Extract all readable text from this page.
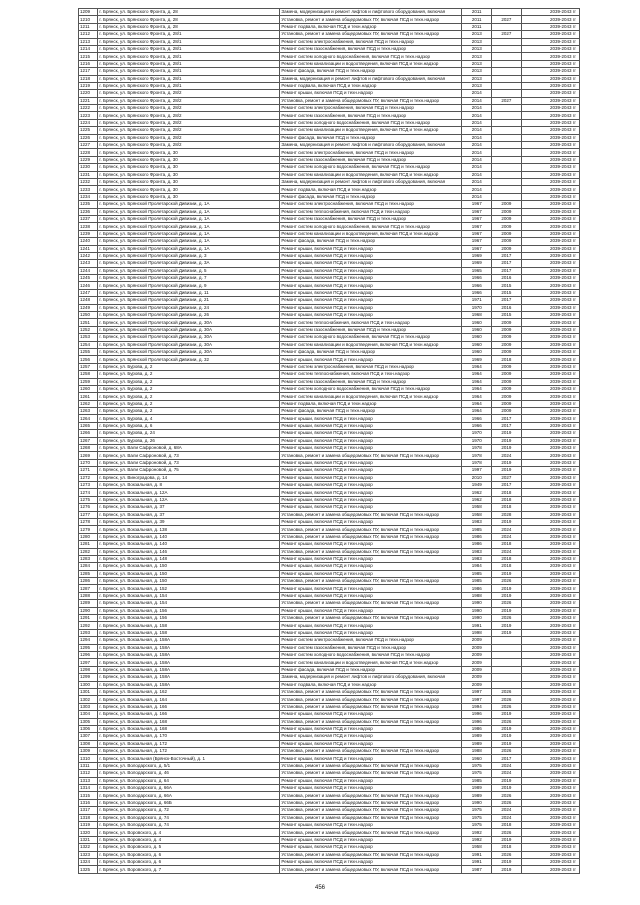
1209	г. Брянск, ул. Брянского Фронта, д. 28	Замена, модернизация и ремонт лифтов и лифтового оборудования, включая	2011		2039-2043 гг
1210	г. Брянск, ул. Брянского Фронта, д. 28	Установка, ремонт и замена общедомовых ПУ, включая ПСД и техн.надзор	2011	2027	2039-2043 гг
1211	г. Брянск, ул. Брянского Фронта, д. 28	Ремонт подвала, включая ПСД и техн.надзор	2011		2039-2043 гг
1212	г. Брянск, ул. Брянского Фронта, д. 28/1	Установка, ремонт и замена общедомовых ПУ, включая ПСД и техн.надзор	2013	2027	2039-2043 гг
1213	г. Брянск, ул. Брянского Фронта, д. 28/1	Ремонт систем электроснабжения, включая ПСД и техн.надзор	2013		2039-2043 гг
1214	г. Брянск, ул. Брянского Фронта, д. 28/1	Ремонт систем газоснабжения, включая ПСД и техн.надзор	2013		2039-2043 гг
1215	г. Брянск, ул. Брянского Фронта, д. 28/1	Ремонт систем холодного водоснабжения, включая ПСД и техн.надзор	2013		2039-2043 гг
1216	г. Брянск, ул. Брянского Фронта, д. 28/1	Ремонт систем канализации и водоотведения, включая ПСД и техн.надзор	2013		2039-2043 гг
1217	г. Брянск, ул. Брянского Фронта, д. 28/1	Ремонт фасада, включая ПСД и техн.надзор	2013		2039-2043 гг
1218	г. Брянск, ул. Брянского Фронта, д. 28/1	Замена, модернизация и ремонт лифтов и лифтового оборудования, включая	2013		2039-2043 гг
1219	г. Брянск, ул. Брянского Фронта, д. 28/1	Ремонт подвала, включая ПСД и техн.надзор	2013		2039-2043 гг
1220	г. Брянск, ул. Брянского Фронта, д. 28/2	Ремонт крыши, включая ПСД и техн.надзор	2014		2039-2043 гг
1221	г. Брянск, ул. Брянского Фронта, д. 28/2	Установка, ремонт и замена общедомовых ПУ, включая ПСД и техн.надзор	2014	2027	2039-2043 гг
1222	г. Брянск, ул. Брянского Фронта, д. 28/2	Ремонт систем электроснабжения, включая ПСД и техн.надзор	2014		2039-2043 гг
1223	г. Брянск, ул. Брянского Фронта, д. 28/2	Ремонт систем газоснабжения, включая ПСД и техн.надзор	2014		2039-2043 гг
1224	г. Брянск, ул. Брянского Фронта, д. 28/2	Ремонт систем холодного водоснабжения, включая ПСД и техн.надзор	2014		2039-2043 гг
1225	г. Брянск, ул. Брянского Фронта, д. 28/2	Ремонт систем канализации и водоотведения, включая ПСД и техн.надзор	2014		2039-2043 гг
1226	г. Брянск, ул. Брянского Фронта, д. 28/2	Ремонт фасада, включая ПСД и техн.надзор	2014		2039-2043 гг
1227	г. Брянск, ул. Брянского Фронта, д. 28/2	Замена, модернизация и ремонт лифтов и лифтового оборудования, включая	2014		2039-2043 гг
1228	г. Брянск, ул. Брянского Фронта, д. 30	Ремонт систем электроснабжения, включая ПСД и техн.надзор	2014		2039-2043 гг
1229	г. Брянск, ул. Брянского Фронта, д. 30	Ремонт систем газоснабжения, включая ПСД и техн.надзор	2014		2039-2043 гг
1230	г. Брянск, ул. Брянского Фронта, д. 30	Ремонт систем холодного водоснабжения, включая ПСД и техн.надзор	2014		2039-2043 гг
1231	г. Брянск, ул. Брянского Фронта, д. 30	Ремонт систем канализации и водоотведения, включая ПСД и техн.надзор	2014		2039-2043 гг
1232	г. Брянск, ул. Брянского Фронта, д. 30	Замена, модернизация и ремонт лифтов и лифтового оборудования, включая	2014		2039-2043 гг
1233	г. Брянск, ул. Брянского Фронта, д. 30	Ремонт подвала, включая ПСД и техн.надзор	2014		2039-2043 гг
1234	г. Брянск, ул. Брянского Фронта, д. 30	Ремонт фасада, включая ПСД и техн.надзор	2014		2039-2043 гг
1235	г. Брянск, ул. Брянской Пролетарской Дивизии, д. 1А	Ремонт систем электроснабжения, включая ПСД и техн.надзор	1967	2009	2039-2043 гг
1236	г. Брянск, ул. Брянской Пролетарской Дивизии, д. 1А	Ремонт систем теплоснабжения, включая ПСД и техн.надзор	1967	2009	2039-2043 гг
1237	г. Брянск, ул. Брянской Пролетарской Дивизии, д. 1А	Ремонт систем газоснабжения, включая ПСД и техн.надзор	1967	2009	2039-2043 гг
1238	г. Брянск, ул. Брянской Пролетарской Дивизии, д. 1А	Ремонт систем холодного водоснабжения, включая ПСД и техн.надзор	1967	2009	2039-2043 гг
1239	г. Брянск, ул. Брянской Пролетарской Дивизии, д. 1А	Ремонт систем канализации и водоотведения, включая ПСД и техн.надзор	1967	2009	2039-2043 гг
1240	г. Брянск, ул. Брянской Пролетарской Дивизии, д. 1А	Ремонт фасада, включая ПСД и техн.надзор	1967	2009	2039-2043 гг
1241	г. Брянск, ул. Брянской Пролетарской Дивизии, д. 1А	Ремонт крыши, включая ПСД и техн.надзор	1967	2009	2039-2043 гг
1242	г. Брянск, ул. Брянской Пролетарской Дивизии, д. 3	Ремонт крыши, включая ПСД и техн.надзор	1969	2017	2039-2043 гг
1243	г. Брянск, ул. Брянской Пролетарской Дивизии, д. 3А	Ремонт крыши, включая ПСД и техн.надзор	1969	2017	2039-2043 гг
1244	г. Брянск, ул. Брянской Пролетарской Дивизии, д. 5	Ремонт крыши, включая ПСД и техн.надзор	1965	2017	2039-2043 гг
1245	г. Брянск, ул. Брянской Пролетарской Дивизии, д. 7	Ремонт крыши, включая ПСД и техн.надзор	1966	2016	2039-2043 гг
1246	г. Брянск, ул. Брянской Пролетарской Дивизии, д. 9	Ремонт крыши, включая ПСД и техн.надзор	1966	2015	2039-2043 гг
1247	г. Брянск, ул. Брянской Пролетарской Дивизии, д. 11	Ремонт крыши, включая ПСД и техн.надзор	1966	2015	2039-2043 гг
1248	г. Брянск, ул. Брянской Пролетарской Дивизии, д. 21	Ремонт крыши, включая ПСД и техн.надзор	1971	2017	2039-2043 гг
1249	г. Брянск, ул. Брянской Пролетарской Дивизии, д. 24	Ремонт крыши, включая ПСД и техн.надзор	1970	2016	2039-2043 гг
1250	г. Брянск, ул. Брянской Пролетарской Дивизии, д. 26	Ремонт крыши, включая ПСД и техн.надзор	1968	2015	2039-2043 гг
1251	г. Брянск, ул. Брянской Пролетарской Дивизии, д. 30А	Ремонт систем теплоснабжения, включая ПСД и техн.надзор	1960	2009	2039-2043 гг
1252	г. Брянск, ул. Брянской Пролетарской Дивизии, д. 30А	Ремонт систем газоснабжения, включая ПСД и техн.надзор	1960	2009	2039-2043 гг
1253	г. Брянск, ул. Брянской Пролетарской Дивизии, д. 30А	Ремонт систем холодного водоснабжения, включая ПСД и техн.надзор	1960	2009	2039-2043 гг
1254	г. Брянск, ул. Брянской Пролетарской Дивизии, д. 30А	Ремонт систем канализации и водоотведения, включая ПСД и техн.надзор	1960	2009	2039-2043 гг
1255	г. Брянск, ул. Брянской Пролетарской Дивизии, д. 30А	Ремонт фасада, включая ПСД и техн.надзор	1960	2009	2039-2043 гг
1256	г. Брянск, ул. Брянской Пролетарской Дивизии, д. 32	Ремонт крыши, включая ПСД и техн.надзор	1969	2018	2039-2043 гг
1257	г. Брянск, ул. Бурова, д. 2	Ремонт систем электроснабжения, включая ПСД и техн.надзор	1964	2009	2039-2043 гг
1258	г. Брянск, ул. Бурова, д. 2	Ремонт систем теплоснабжения, включая ПСД и техн.надзор	1964	2009	2039-2043 гг
1259	г. Брянск, ул. Бурова, д. 2	Ремонт систем газоснабжения, включая ПСД и техн.надзор	1964	2009	2039-2043 гг
1260	г. Брянск, ул. Бурова, д. 2	Ремонт систем холодного водоснабжения, включая ПСД и техн.надзор	1964	2009	2039-2043 гг
1261	г. Брянск, ул. Бурова, д. 2	Ремонт систем канализации и водоотведения, включая ПСД и техн.надзор	1964	2009	2039-2043 гг
1262	г. Брянск, ул. Бурова, д. 2	Ремонт подвала, включая ПСД и техн.надзор	1964	2009	2039-2043 гг
1263	г. Брянск, ул. Бурова, д. 2	Ремонт фасада, включая ПСД и техн.надзор	1964	2009	2039-2043 гг
1264	г. Брянск, ул. Бурова, д. 4	Ремонт крыши, включая ПСД и техн.надзор	1966	2017	2039-2043 гг
1265	г. Брянск, ул. Бурова, д. 6	Ремонт крыши, включая ПСД и техн.надзор	1966	2017	2039-2043 гг
1266	г. Брянск, ул. Бурова, д. 24	Ремонт крыши, включая ПСД и техн.надзор	1970	2019	2039-2043 гг
1267	г. Брянск, ул. Бурова, д. 26	Ремонт крыши, включая ПСД и техн.надзор	1970	2019	2039-2043 гг
1268	г. Брянск, ул. Вали Сафроновой, д. 68А	Ремонт крыши, включая ПСД и техн.надзор	1978	2019	2039-2043 гг
1269	г. Брянск, ул. Вали Сафроновой, д. 73	Установка, ремонт и замена общедомовых ПУ, включая ПСД и техн.надзор	1978	2024	2039-2043 гг
1270	г. Брянск, ул. Вали Сафроновой, д. 73	Ремонт крыши, включая ПСД и техн.надзор	1978	2019	2039-2043 гг
1271	г. Брянск, ул. Вали Сафроновой, д. 75	Ремонт крыши, включая ПСД и техн.надзор	1997	2019	2039-2043 гг
1272	г. Брянск, ул. Виноградова, д. 14	Ремонт крыши, включая ПСД и техн.надзор	2010	2027	2039-2043 гг
1273	г. Брянск, ул. Вокзальная, д. 8	Ремонт крыши, включая ПСД и техн.надзор	1949	2017	2039-2043 гг
1274	г. Брянск, ул. Вокзальная, д. 12А	Ремонт крыши, включая ПСД и техн.надзор	1962	2018	2039-2043 гг
1275	г. Брянск, ул. Вокзальная, д. 12А	Ремонт крыши, включая ПСД и техн.надзор	1962	2018	2039-2043 гг
1276	г. Брянск, ул. Вокзальная, д. 37	Ремонт крыши, включая ПСД и техн.надзор	1958	2018	2039-2043 гг
1277	г. Брянск, ул. Вокзальная, д. 37	Установка, ремонт и замена общедомовых ПУ, включая ПСД и техн.надзор	1958	2028	2039-2043 гг
1278	г. Брянск, ул. Вокзальная, д. 39	Ремонт крыши, включая ПСД и техн.надзор	1983	2019	2039-2043 гг
1279	г. Брянск, ул. Вокзальная, д. 138	Установка, ремонт и замена общедомовых ПУ, включая ПСД и техн.надзор	1985	2024	2039-2043 гг
1280	г. Брянск, ул. Вокзальная, д. 140	Установка, ремонт и замена общедомовых ПУ, включая ПСД и техн.надзор	1986	2024	2039-2043 гг
1281	г. Брянск, ул. Вокзальная, д. 140	Ремонт крыши, включая ПСД и техн.надзор	1986	2018	2039-2043 гг
1282	г. Брянск, ул. Вокзальная, д. 146	Установка, ремонт и замена общедомовых ПУ, включая ПСД и техн.надзор	1983	2024	2039-2043 гг
1283	г. Брянск, ул. Вокзальная, д. 148	Ремонт крыши, включая ПСД и техн.надзор	1983	2018	2039-2043 гг
1284	г. Брянск, ул. Вокзальная, д. 150	Ремонт крыши, включая ПСД и техн.надзор	1984	2018	2039-2043 гг
1285	г. Брянск, ул. Вокзальная, д. 150	Ремонт крыши, включая ПСД и техн.надзор	1985	2019	2039-2043 гг
1286	г. Брянск, ул. Вокзальная, д. 150	Установка, ремонт и замена общедомовых ПУ, включая ПСД и техн.надзор	1985	2026	2039-2043 гг
1287	г. Брянск, ул. Вокзальная, д. 152	Ремонт крыши, включая ПСД и техн.надзор	1986	2019	2039-2043 гг
1288	г. Брянск, ул. Вокзальная, д. 154	Ремонт крыши, включая ПСД и техн.надзор	1988	2019	2039-2043 гг
1289	г. Брянск, ул. Вокзальная, д. 154	Установка, ремонт и замена общедомовых ПУ, включая ПСД и техн.надзор	1990	2026	2039-2043 гг
1290	г. Брянск, ул. Вокзальная, д. 156	Ремонт крыши, включая ПСД и техн.надзор	1990	2019	2039-2043 гг
1291	г. Брянск, ул. Вокзальная, д. 156	Установка, ремонт и замена общедомовых ПУ, включая ПСД и техн.надзор	1990	2026	2039-2043 гг
1292	г. Брянск, ул. Вокзальная, д. 158	Ремонт крыши, включая ПСД и техн.надзор	1991	2019	2039-2043 гг
1293	г. Брянск, ул. Вокзальная, д. 158	Ремонт крыши, включая ПСД и техн.надзор	1998	2019	2039-2043 гг
1294	г. Брянск, ул. Вокзальная, д. 158А	Ремонт систем электроснабжения, включая ПСД и техн.надзор	2009		2039-2043 гг
1295	г. Брянск, ул. Вокзальная, д. 158А	Ремонт систем газоснабжения, включая ПСД и техн.надзор	2009		2039-2043 гг
1296	г. Брянск, ул. Вокзальная, д. 158А	Ремонт систем холодного водоснабжения, включая ПСД и техн.надзор	2009		2039-2043 гг
1297	г. Брянск, ул. Вокзальная, д. 158А	Ремонт систем канализации и водоотведения, включая ПСД и техн.надзор	2009		2039-2043 гг
1298	г. Брянск, ул. Вокзальная, д. 158А	Ремонт фасада, включая ПСД и техн.надзор	2009		2039-2043 гг
1299	г. Брянск, ул. Вокзальная, д. 158А	Замена, модернизация и ремонт лифтов и лифтового оборудования, включая	2009		2039-2043 гг
1300	г. Брянск, ул. Вокзальная, д. 158А	Ремонт подвала, включая ПСД и техн.надзор	2009		2039-2043 гг
1301	г. Брянск, ул. Вокзальная, д. 162	Установка, ремонт и замена общедомовых ПУ, включая ПСД и техн.надзор	1997	2026	2039-2043 гг
1302	г. Брянск, ул. Вокзальная, д. 164	Установка, ремонт и замена общедомовых ПУ, включая ПСД и техн.надзор	1997	2026	2039-2043 гг
1303	г. Брянск, ул. Вокзальная, д. 166	Установка, ремонт и замена общедомовых ПУ, включая ПСД и техн.надзор	1994	2026	2039-2043 гг
1304	г. Брянск, ул. Вокзальная, д. 166	Ремонт крыши, включая ПСД и техн.надзор	1996	2019	2039-2043 гг
1305	г. Брянск, ул. Вокзальная, д. 168	Установка, ремонт и замена общедомовых ПУ, включая ПСД и техн.надзор	1996	2026	2039-2043 гг
1306	г. Брянск, ул. Вокзальная, д. 168	Ремонт крыши, включая ПСД и техн.надзор	1986	2019	2039-2043 гг
1307	г. Брянск, ул. Вокзальная, д. 170	Ремонт крыши, включая ПСД и техн.надзор	1989	2019	2039-2043 гг
1308	г. Брянск, ул. Вокзальная, д. 172	Ремонт крыши, включая ПСД и техн.надзор	1989	2019	2039-2043 гг
1309	г. Брянск, ул. Вокзальная, д. 172	Установка, ремонт и замена общедомовых ПУ, включая ПСД и техн.надзор	1988	2026	2039-2043 гг
1310	г. Брянск, ул. Вокзальная (Брянск-Восточный), д. 1	Ремонт крыши, включая ПСД и техн.надзор	1960	2017	2039-2043 гг
1311	г. Брянск, ул. Володарского, д. 5/1	Установка, ремонт и замена общедомовых ПУ, включая ПСД и техн.надзор	1975	2024	2039-2043 гг
1312	г. Брянск, ул. Володарского, д. 46	Установка, ремонт и замена общедомовых ПУ, включая ПСД и техн.надзор	1975	2024	2039-2043 гг
1313	г. Брянск, ул. Володарского, д. 64	Ремонт крыши, включая ПСД и техн.надзор	1985	2019	2039-2043 гг
1314	г. Брянск, ул. Володарского, д. 66А	Ремонт крыши, включая ПСД и техн.надзор	1989	2019	2039-2043 гг
1315	г. Брянск, ул. Володарского, д. 66А	Установка, ремонт и замена общедомовых ПУ, включая ПСД и техн.надзор	1989	2026	2039-2043 гг
1316	г. Брянск, ул. Володарского, д. 66Б	Установка, ремонт и замена общедомовых ПУ, включая ПСД и техн.надзор	1990	2026	2039-2043 гг
1317	г. Брянск, ул. Володарского, д. 72	Установка, ремонт и замена общедомовых ПУ, включая ПСД и техн.надзор	1975	2024	2039-2043 гг
1318	г. Брянск, ул. Володарского, д. 74	Установка, ремонт и замена общедомовых ПУ, включая ПСД и техн.надзор	1975	2024	2039-2043 гг
1319	г. Брянск, ул. Володарского, д. 74	Ремонт крыши, включая ПСД и техн.надзор	1975	2018	2039-2043 гг
1320	г. Брянск, ул. Воровского, д. 4	Установка, ремонт и замена общедомовых ПУ, включая ПСД и техн.надзор	1992	2026	2039-2043 гг
1321	г. Брянск, ул. Воровского, д. 4	Ремонт крыши, включая ПСД и техн.надзор	1992	2019	2039-2043 гг
1322	г. Брянск, ул. Воровского, д. 5	Ремонт крыши, включая ПСД и техн.надзор	1958	2018	2039-2043 гг
1323	г. Брянск, ул. Воровского, д. 6	Установка, ремонт и замена общедомовых ПУ, включая ПСД и техн.надзор	1991	2026	2039-2043 гг
1324	г. Брянск, ул. Воровского, д. 6	Ремонт крыши, включая ПСД и техн.надзор	1991	2019	2039-2043 гг
1325	г. Брянск, ул. Воровского, д. 7	Установка, ремонт и замена общедомовых ПУ, включая ПСД и техн.надзор	1987	2019	2039-2043 гг
456
